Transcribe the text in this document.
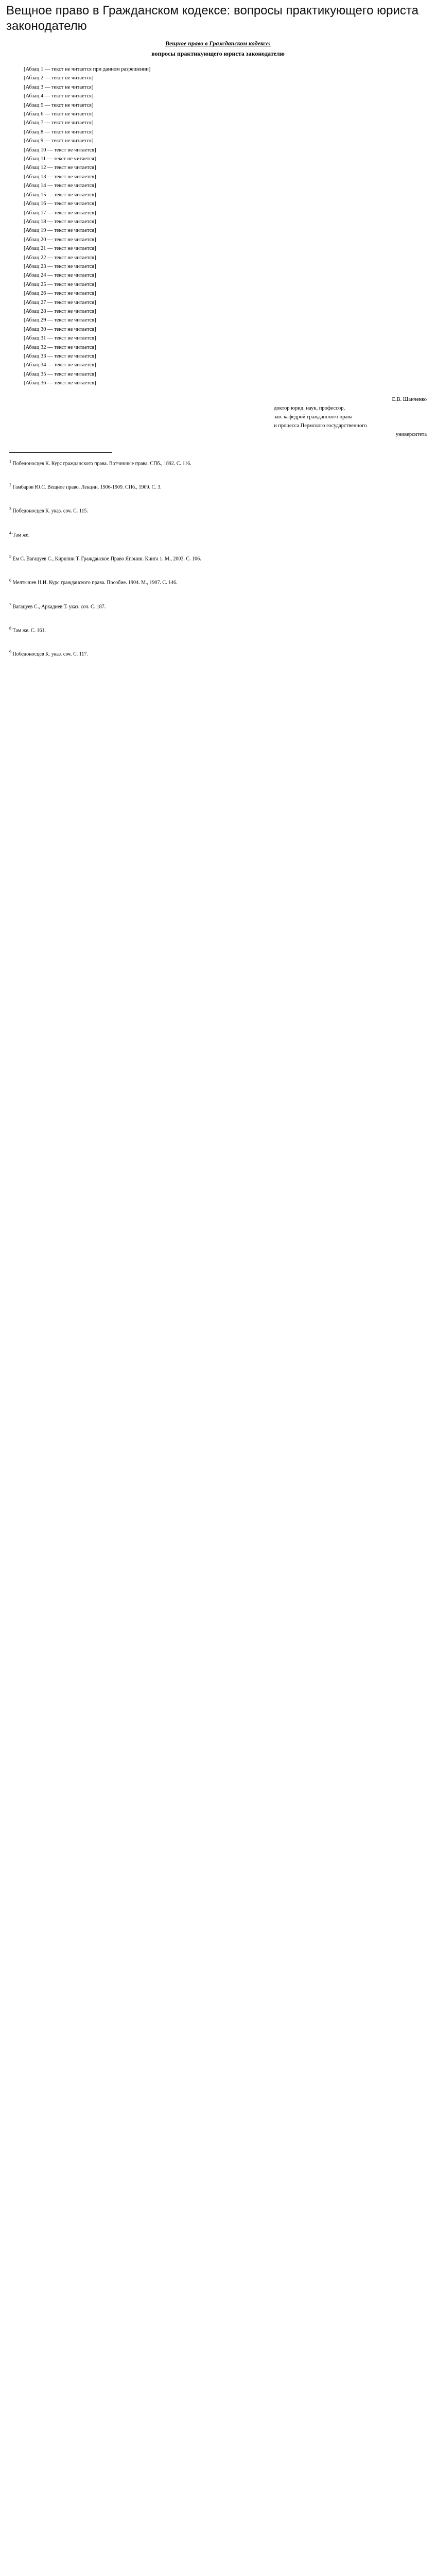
Вещное право в Гражданском кодексе: вопросы практикующего юриста законодателю
Вещное право в Гражданском кодексе:
вопросы практикующего юриста законодателю

[Абзац 1 — текст не читается при данном разрешении]

[Абзац 2 — текст не читается]

[Абзац 3 — текст не читается]

[Абзац 4 — текст не читается]

[Абзац 5 — текст не читается]

[Абзац 6 — текст не читается]

[Абзац 7 — текст не читается]

[Абзац 8 — текст не читается]

[Абзац 9 — текст не читается]

[Абзац 10 — текст не читается]

[Абзац 11 — текст не читается]

[Абзац 12 — текст не читается]

[Абзац 13 — текст не читается]

[Абзац 14 — текст не читается]

[Абзац 15 — текст не читается]

[Абзац 16 — текст не читается]

[Абзац 17 — текст не читается]

[Абзац 18 — текст не читается]

[Абзац 19 — текст не читается]

[Абзац 20 — текст не читается]

[Абзац 21 — текст не читается]

[Абзац 22 — текст не читается]

[Абзац 23 — текст не читается]

[Абзац 24 — текст не читается]

[Абзац 25 — текст не читается]

[Абзац 26 — текст не читается]

[Абзац 27 — текст не читается]

[Абзац 28 — текст не читается]

[Абзац 29 — текст не читается]

[Абзац 30 — текст не читается]

[Абзац 31 — текст не читается]

[Абзац 32 — текст не читается]

[Абзац 33 — текст не читается]

[Абзац 34 — текст не читается]

[Абзац 35 — текст не читается]

[Абзац 36 — текст не читается]

Е.В. Шанченко
доктор юрид. наук, профессор,
зав. кафедрой гражданского права
и процесса Пермского государственного
университета
$^1$ Победоносцев К. Курс гражданского права. Вотчинные права. СПб., 1892. С. 116.
$^2$ Гамбаров Ю.С. Вещное право. Лекции. 1906-1909. СПб., 1909. С. 3.
$^3$ Победоносцев К. указ. соч. С. 115.
$^4$ Там же.
$^5$ Ем С. Вагацуев С., Кирилин Т. Гражданское Право Японии. Книга 1. М., 2003. С. 106.
$^6$ Мелтышев Н.И. Курс гражданского права. Пособие. 1904. М., 1907. С. 146.
$^7$ Вагацуев С., Аркадиев Т. указ. соч. С. 187.
$^8$ Там же. С. 161.
$^9$ Победоносцев К. указ. соч. С. 117.
